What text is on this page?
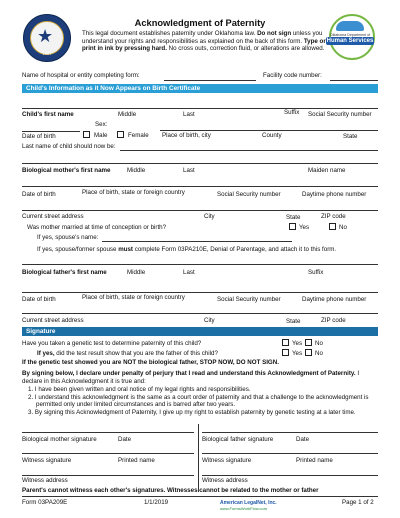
★
1907
Acknowledgment of Paternity
This legal document establishes paternity under Oklahoma law. Do not sign unless you understand your rights and responsibilities as explained on the back of this form. Type or print in ink by pressing hard. No cross outs, correction fluid, or alterations are allowed.
Oklahoma Department of
Human Services
Name of hospital or entity completing form:	Facility code number:
Child's Information as it Now Appears on Birth Certificate
Child's first name	Middle	Last	Suffix Social Security number
Sex:
Date of birth	Male	Female Place of birth, city	County	State
Last name of child should now be:
Biological mother's first name	Middle	Last	Maiden name
Date of birth	Place of birth, state or foreign country	Social Security number	Daytime phone number
Current street address	City	State	ZIP code
Was mother married at time of conception or birth?	Yes	No
If yes, spouse's name:
If yes, spouse/former spouse must complete Form 03PA210E, Denial of Parentage, and attach it to this form.
Biological father's first name	Middle	Last	Suffix
Date of birth	Place of birth, state or foreign country	Social Security number	Daytime phone number
Current street address	City	State	ZIP code
Signature
Have you taken a genetic test to determine paternity of this child?	Yes No
If yes, did the test result show that you are the father of this child?	Yes No
If the genetic test showed you are NOT the biological father, STOP NOW, DO NOT SIGN.
By signing below, I declare under penalty of perjury that I read and understand this Acknowledgment of Paternity. I declare in this Acknowledgment it is true and:
1. I have been given written and oral notice of my legal rights and responsibilities.
2. I understand this acknowledgment is the same as a court order of paternity and that a challenge to the acknowledgment is permitted only under limited circumstances and is barred after two years.
3. By signing this Acknowledgment of Paternity, I give up my right to establish paternity by genetic testing at a later time.
Biological mother signature	Date	Biological father signature	Date
Witness signature	Printed name	Witness signature	Printed name
Witness address	Witness address
Parent's cannot witness each other's signatures. Witnesses cannot be related to the mother or father
Form 03PA209E	1/1/2019	American LegalNet, Inc.
www.FormsWorkFlow.com
Page 1 of 2
